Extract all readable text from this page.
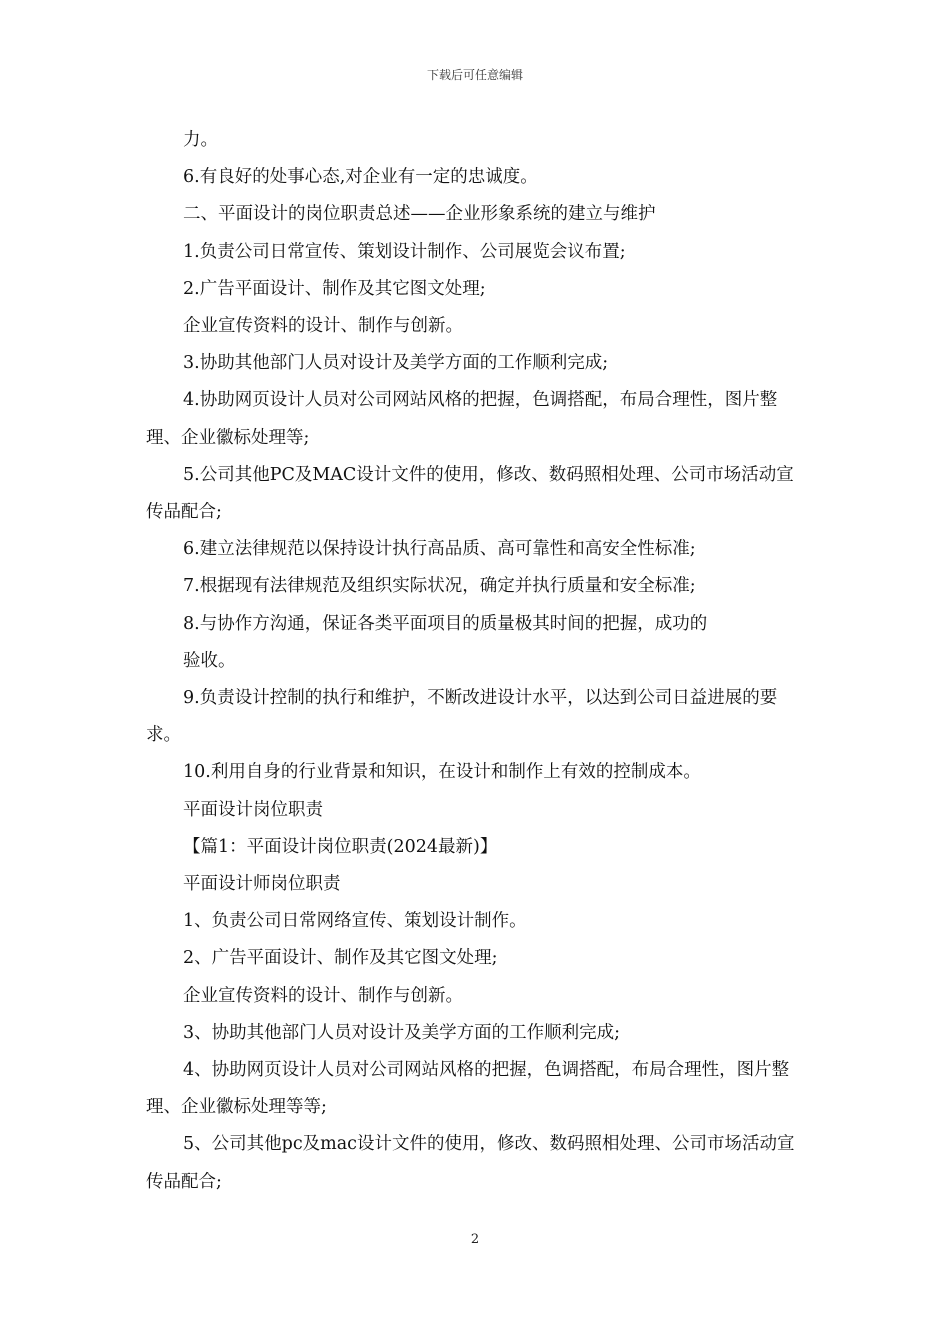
下载后可任意编辑

力。

6.有良好的处事心态,对企业有一定的忠诚度。

二、平面设计的岗位职责总述——企业形象系统的建立与维护

1.负责公司日常宣传、策划设计制作、公司展览会议布置;

2.广告平面设计、制作及其它图文处理;

企业宣传资料的设计、制作与创新。

3.协助其他部门人员对设计及美学方面的工作顺利完成;

4.协助网页设计人员对公司网站风格的把握，色调搭配，布局合理性，图片整理、企业徽标处理等;

5.公司其他PC及MAC设计文件的使用，修改、数码照相处理、公司市场活动宣传品配合;

6.建立法律规范以保持设计执行高品质、高可靠性和高安全性标准;

7.根据现有法律规范及组织实际状况，确定并执行质量和安全标准;

8.与协作方沟通，保证各类平面项目的质量极其时间的把握，成功的

验收。

9.负责设计控制的执行和维护，不断改进设计水平，以达到公司日益进展的要求。

10.利用自身的行业背景和知识，在设计和制作上有效的控制成本。

平面设计岗位职责

【篇1：平面设计岗位职责(2024最新)】

平面设计师岗位职责

1、负责公司日常网络宣传、策划设计制作。

2、广告平面设计、制作及其它图文处理;

企业宣传资料的设计、制作与创新。

3、协助其他部门人员对设计及美学方面的工作顺利完成;

4、协助网页设计人员对公司网站风格的把握，色调搭配，布局合理性，图片整理、企业徽标处理等等;

5、公司其他pc及mac设计文件的使用，修改、数码照相处理、公司市场活动宣传品配合;

2
